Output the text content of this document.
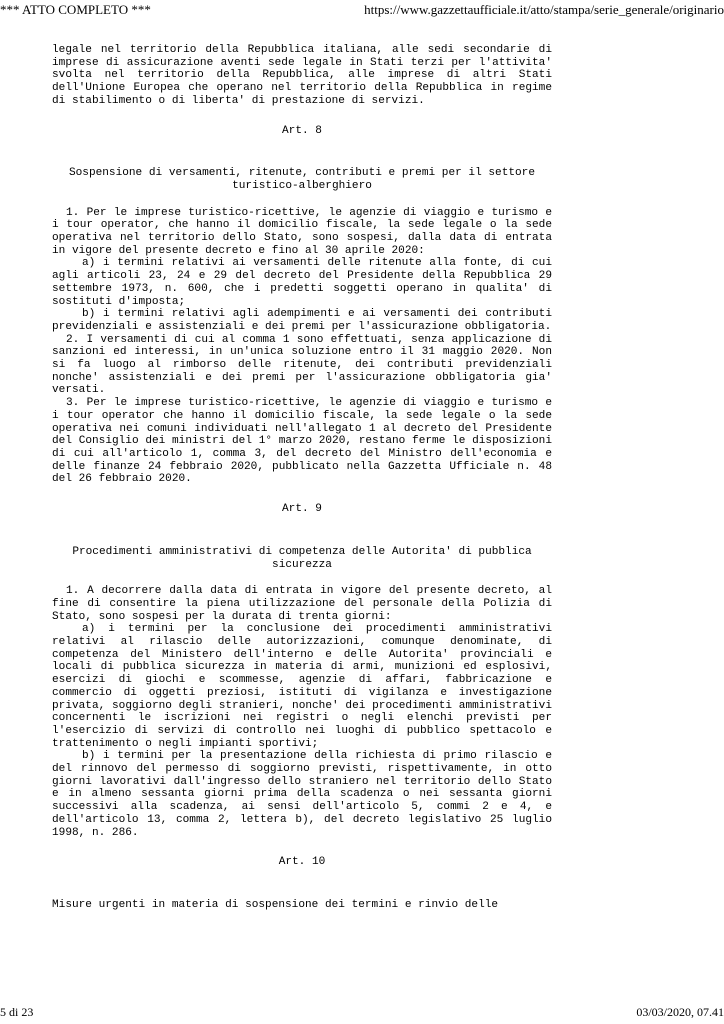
*** ATTO COMPLETO ***	https://www.gazzettaufficiale.it/atto/stampa/serie_generale/originario

legale nel territorio della Repubblica italiana, alle sedi secondarie di imprese di assicurazione aventi sede legale in Stati terzi per l'attivita' svolta nel territorio della Repubblica, alle imprese di altri Stati dell'Unione Europea che operano nel territorio della Repubblica in regime di stabilimento o di liberta' di prestazione di servizi.

Art. 8

Sospensione di versamenti, ritenute, contributi e premi per il settore turistico-alberghiero

1. Per le imprese turistico-ricettive, le agenzie di viaggio e turismo e i tour operator, che hanno il domicilio fiscale, la sede legale o la sede operativa nel territorio dello Stato, sono sospesi, dalla data di entrata in vigore del presente decreto e fino al 30 aprile 2020:

a) i termini relativi ai versamenti delle ritenute alla fonte, di cui agli articoli 23, 24 e 29 del decreto del Presidente della Repubblica 29 settembre 1973, n. 600, che i predetti soggetti operano in qualita' di sostituti d'imposta;

b) i termini relativi agli adempimenti e ai versamenti dei contributi previdenziali e assistenziali e dei premi per l'assicurazione obbligatoria.

2. I versamenti di cui al comma 1 sono effettuati, senza applicazione di sanzioni ed interessi, in un'unica soluzione entro il 31 maggio 2020. Non si fa luogo al rimborso delle ritenute, dei contributi previdenziali nonche' assistenziali e dei premi per l'assicurazione obbligatoria gia' versati.

3. Per le imprese turistico-ricettive, le agenzie di viaggio e turismo e i tour operator che hanno il domicilio fiscale, la sede legale o la sede operativa nei comuni individuati nell'allegato 1 al decreto del Presidente del Consiglio dei ministri del 1° marzo 2020, restano ferme le disposizioni di cui all'articolo 1, comma 3, del decreto del Ministro dell'economia e delle finanze 24 febbraio 2020, pubblicato nella Gazzetta Ufficiale n. 48 del 26 febbraio 2020.

Art. 9

Procedimenti amministrativi di competenza delle Autorita' di pubblica sicurezza

1. A decorrere dalla data di entrata in vigore del presente decreto, al fine di consentire la piena utilizzazione del personale della Polizia di Stato, sono sospesi per la durata di trenta giorni:

a) i termini per la conclusione dei procedimenti amministrativi relativi al rilascio delle autorizzazioni, comunque denominate, di competenza del Ministero dell'interno e delle Autorita' provinciali e locali di pubblica sicurezza in materia di armi, munizioni ed esplosivi, esercizi di giochi e scommesse, agenzie di affari, fabbricazione e commercio di oggetti preziosi, istituti di vigilanza e investigazione privata, soggiorno degli stranieri, nonche' dei procedimenti amministrativi concernenti le iscrizioni nei registri o negli elenchi previsti per l'esercizio di servizi di controllo nei luoghi di pubblico spettacolo e trattenimento o negli impianti sportivi;

b) i termini per la presentazione della richiesta di primo rilascio e del rinnovo del permesso di soggiorno previsti, rispettivamente, in otto giorni lavorativi dall'ingresso dello straniero nel territorio dello Stato e in almeno sessanta giorni prima della scadenza o nei sessanta giorni successivi alla scadenza, ai sensi dell'articolo 5, commi 2 e 4, e dell'articolo 13, comma 2, lettera b), del decreto legislativo 25 luglio 1998, n. 286.

Art. 10

Misure urgenti in materia di sospensione dei termini e rinvio delle

5 di 23	03/03/2020, 07.41
